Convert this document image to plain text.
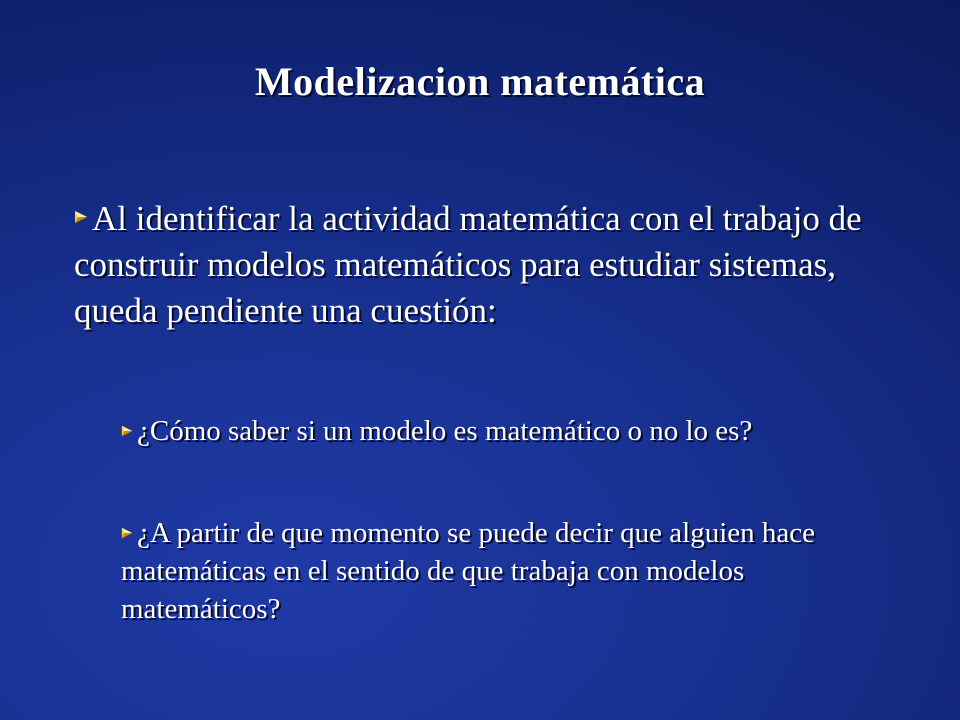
Modelizacion matemática

Al identificar la actividad matemática con el trabajo de construir modelos matemáticos para estudiar sistemas, queda pendiente una cuestión:

¿Cómo saber si un modelo es matemático o no lo es?

¿A partir de que momento se puede decir que alguien hace matemáticas en el sentido de que trabaja con modelos matemáticos?
